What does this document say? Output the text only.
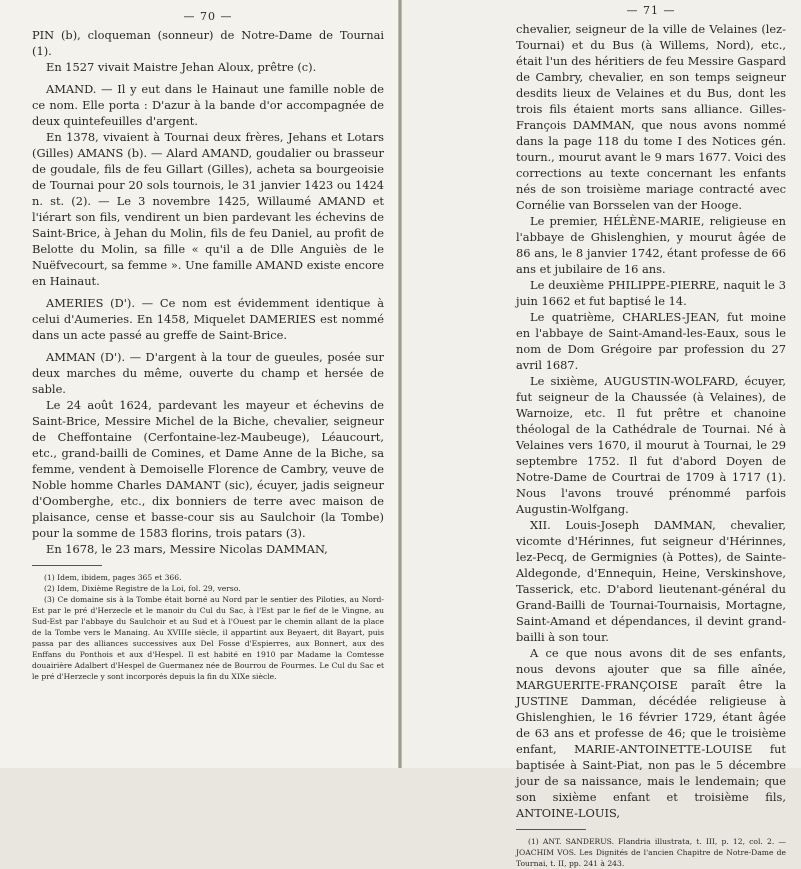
— 70 —

PIN (b), cloqueman (sonneur) de Notre-Dame de Tournai (1).

En 1527 vivait Maistre Jehan Aloux, prêtre (c).

AMAND. — Il y eut dans le Hainaut une famille noble de ce nom. Elle porta : D'azur à la bande d'or accompagnée de deux quintefeuilles d'argent.

En 1378, vivaient à Tournai deux frères, Jehans et Lotars (Gilles) AMANS (b). — Alard AMAND, goudalier ou brasseur de goudale, fils de feu Gillart (Gilles), acheta sa bourgeoisie de Tournai pour 20 sols tournois, le 31 janvier 1423 ou 1424 n. st. (2). — Le 3 novembre 1425, Willaumé AMAND et l'iérart son fils, vendirent un bien pardevant les échevins de Saint-Brice, à Jehan du Molin, fils de feu Daniel, au profit de Belotte du Molin, sa fille « qu'il a de Dlle Anguiès de le Nuëfvecourt, sa femme ». Une famille AMAND existe encore en Hainaut.

AMERIES (D'). — Ce nom est évidemment identique à celui d'Aumeries. En 1458, Miquelet DAMERIES est nommé dans un acte passé au greffe de Saint-Brice.

AMMAN (D'). — D'argent à la tour de gueules, posée sur deux marches du même, ouverte du champ et hersée de sable.

Le 24 août 1624, pardevant les mayeur et échevins de Saint-Brice, Messire Michel de la Biche, chevalier, seigneur de Cheffontaine (Cerfontaine-lez-Maubeuge), Léaucourt, etc., grand-bailli de Comines, et Dame Anne de la Biche, sa femme, vendent à Demoiselle Florence de Cambry, veuve de Noble homme Charles DAMANT (sic), écuyer, jadis seigneur d'Oomberghe, etc., dix bonniers de terre avec maison de plaisance, cense et basse-cour sis au Saulchoir (la Tombe) pour la somme de 1583 florins, trois patars (3).

En 1678, le 23 mars, Messire Nicolas DAMMAN,

(1) Idem, ibidem, pages 365 et 366.

(2) Idem, Dixième Registre de la Loi, fol. 29, verso.

(3) Ce domaine sis à la Tombe était borné au Nord par le sentier des Piloties, au Nord-Est par le pré d'Herzecle et le manoir du Cul du Sac, à l'Est par le fief de le Vingne, au Sud-Est par l'abbaye du Saulchoir et au Sud et à l'Ouest par le chemin allant de la place de la Tombe vers le Manaing. Au XVIIIe siècle, il appartint aux Beyaert, dit Bayart, puis passa par des alliances successives aux Del Fosse d'Espierres, aux Bonnert, aux des Enffans du Ponthois et aux d'Hespel. Il est habité en 1910 par Madame la Comtesse douairière Adalbert d'Hespel de Guermanez née de Bourrou de Fourmes. Le Cul du Sac et le pré d'Herzecle y sont incorporés depuis la fin du XIXe siècle.

— 71 —

chevalier, seigneur de la ville de Velaines (lez-Tournai) et du Bus (à Willems, Nord), etc., était l'un des héritiers de feu Messire Gaspard de Cambry, chevalier, en son temps seigneur desdits lieux de Velaines et du Bus, dont les trois fils étaient morts sans alliance. Gilles-François DAMMAN, que nous avons nommé dans la page 118 du tome I des Notices gén. tourn., mourut avant le 9 mars 1677. Voici des corrections au texte concernant les enfants nés de son troisième mariage contracté avec Cornélie van Borsselen van der Hooge.

Le premier, HÉLÈNE-MARIE, religieuse en l'abbaye de Ghislenghien, y mourut âgée de 86 ans, le 8 janvier 1742, étant professe de 66 ans et jubilaire de 16 ans.

Le deuxième PHILIPPE-PIERRE, naquit le 3 juin 1662 et fut baptisé le 14.

Le quatrième, CHARLES-JEAN, fut moine en l'abbaye de Saint-Amand-les-Eaux, sous le nom de Dom Grégoire par profession du 27 avril 1687.

Le sixième, AUGUSTIN-WOLFARD, écuyer, fut seigneur de la Chaussée (à Velaines), de Warnoize, etc. Il fut prêtre et chanoine théologal de la Cathédrale de Tournai. Né à Velaines vers 1670, il mourut à Tournai, le 29 septembre 1752. Il fut d'abord Doyen de Notre-Dame de Courtrai de 1709 à 1717 (1). Nous l'avons trouvé prénommé parfois Augustin-Wolfgang.

XII. Louis-Joseph DAMMAN, chevalier, vicomte d'Hérinnes, fut seigneur d'Hérinnes, lez-Pecq, de Germignies (à Pottes), de Sainte-Aldegonde, d'Ennequin, Heine, Verskinshove, Tasserick, etc. D'abord lieutenant-général du Grand-Bailli de Tournai-Tournaisis, Mortagne, Saint-Amand et dépendances, il devint grand-bailli à son tour.

A ce que nous avons dit de ses enfants, nous devons ajouter que sa fille aînée, MARGUERITE-FRANÇOISE paraît être la JUSTINE Damman, décédée religieuse à Ghislenghien, le 16 février 1729, étant âgée de 63 ans et professe de 46; que le troisième enfant, MARIE-ANTOINETTE-LOUISE fut baptisée à Saint-Piat, non pas le 5 décembre jour de sa naissance, mais le lendemain; que son sixième enfant et troisième fils, ANTOINE-LOUIS,

(1) ANT. SANDERUS. Flandria illustrata, t. III, p. 12, col. 2. — JOACHIM VOS. Les Dignités de l'ancien Chapitre de Notre-Dame de Tournai, t. II, pp. 241 à 243.
